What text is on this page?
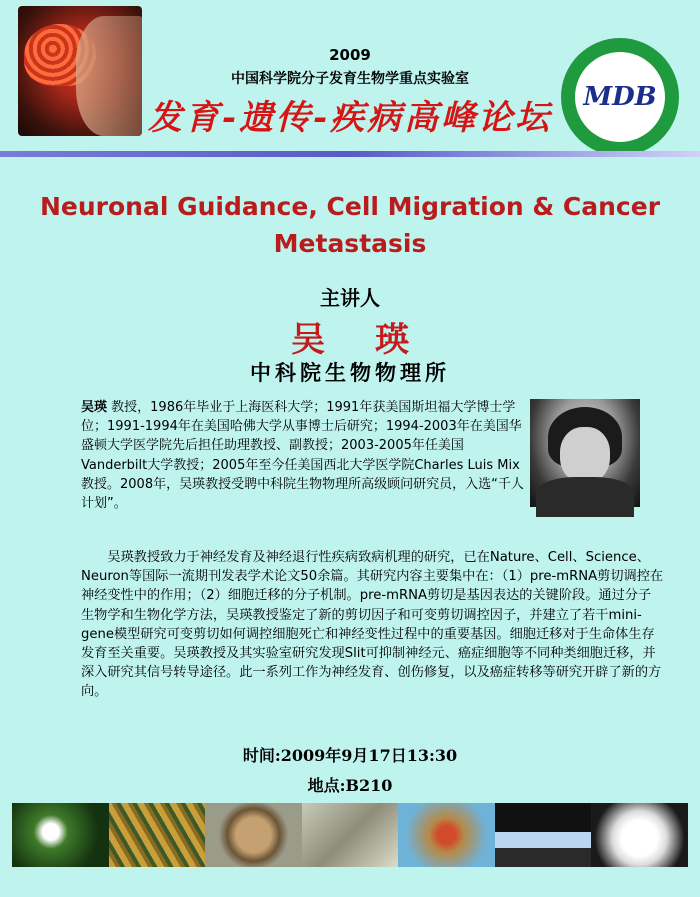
2009
中国科学院分子发育生物学重点实验室
发育-遗传-疾病高峰论坛
MDB
Neuronal Guidance, Cell Migration & Cancer
Metastasis
主讲人
吴瑛
中科院生物物理所
吴瑛 教授，1986年毕业于上海医科大学；1991年获美国斯坦福大学博士学位；1991-1994年在美国哈佛大学从事博士后研究；1994-2003年在美国华盛顿大学医学院先后担任助理教授、副教授；2003-2005年任美国Vanderbilt大学教授；2005年至今任美国西北大学医学院Charles Luis Mix教授。2008年，吴瑛教授受聘中科院生物物理所高级顾问研究员，入选“千人计划”。
吴瑛教授致力于神经发育及神经退行性疾病致病机理的研究，已在Nature、Cell、Science、Neuron等国际一流期刊发表学术论文50余篇。其研究内容主要集中在：（1）pre-mRNA剪切调控在神经变性中的作用；（2）细胞迁移的分子机制。pre-mRNA剪切是基因表达的关键阶段。通过分子生物学和生物化学方法，吴瑛教授鉴定了新的剪切因子和可变剪切调控因子，并建立了若干mini-gene模型研究可变剪切如何调控细胞死亡和神经变性过程中的重要基因。细胞迁移对于生命体生存发育至关重要。吴瑛教授及其实验室研究发现Slit可抑制神经元、癌症细胞等不同种类细胞迁移，并深入研究其信号转导途径。此一系列工作为神经发育、创伤修复，以及癌症转移等研究开辟了新的方向。
时间:2009年9月17日13:30
地点:B210
